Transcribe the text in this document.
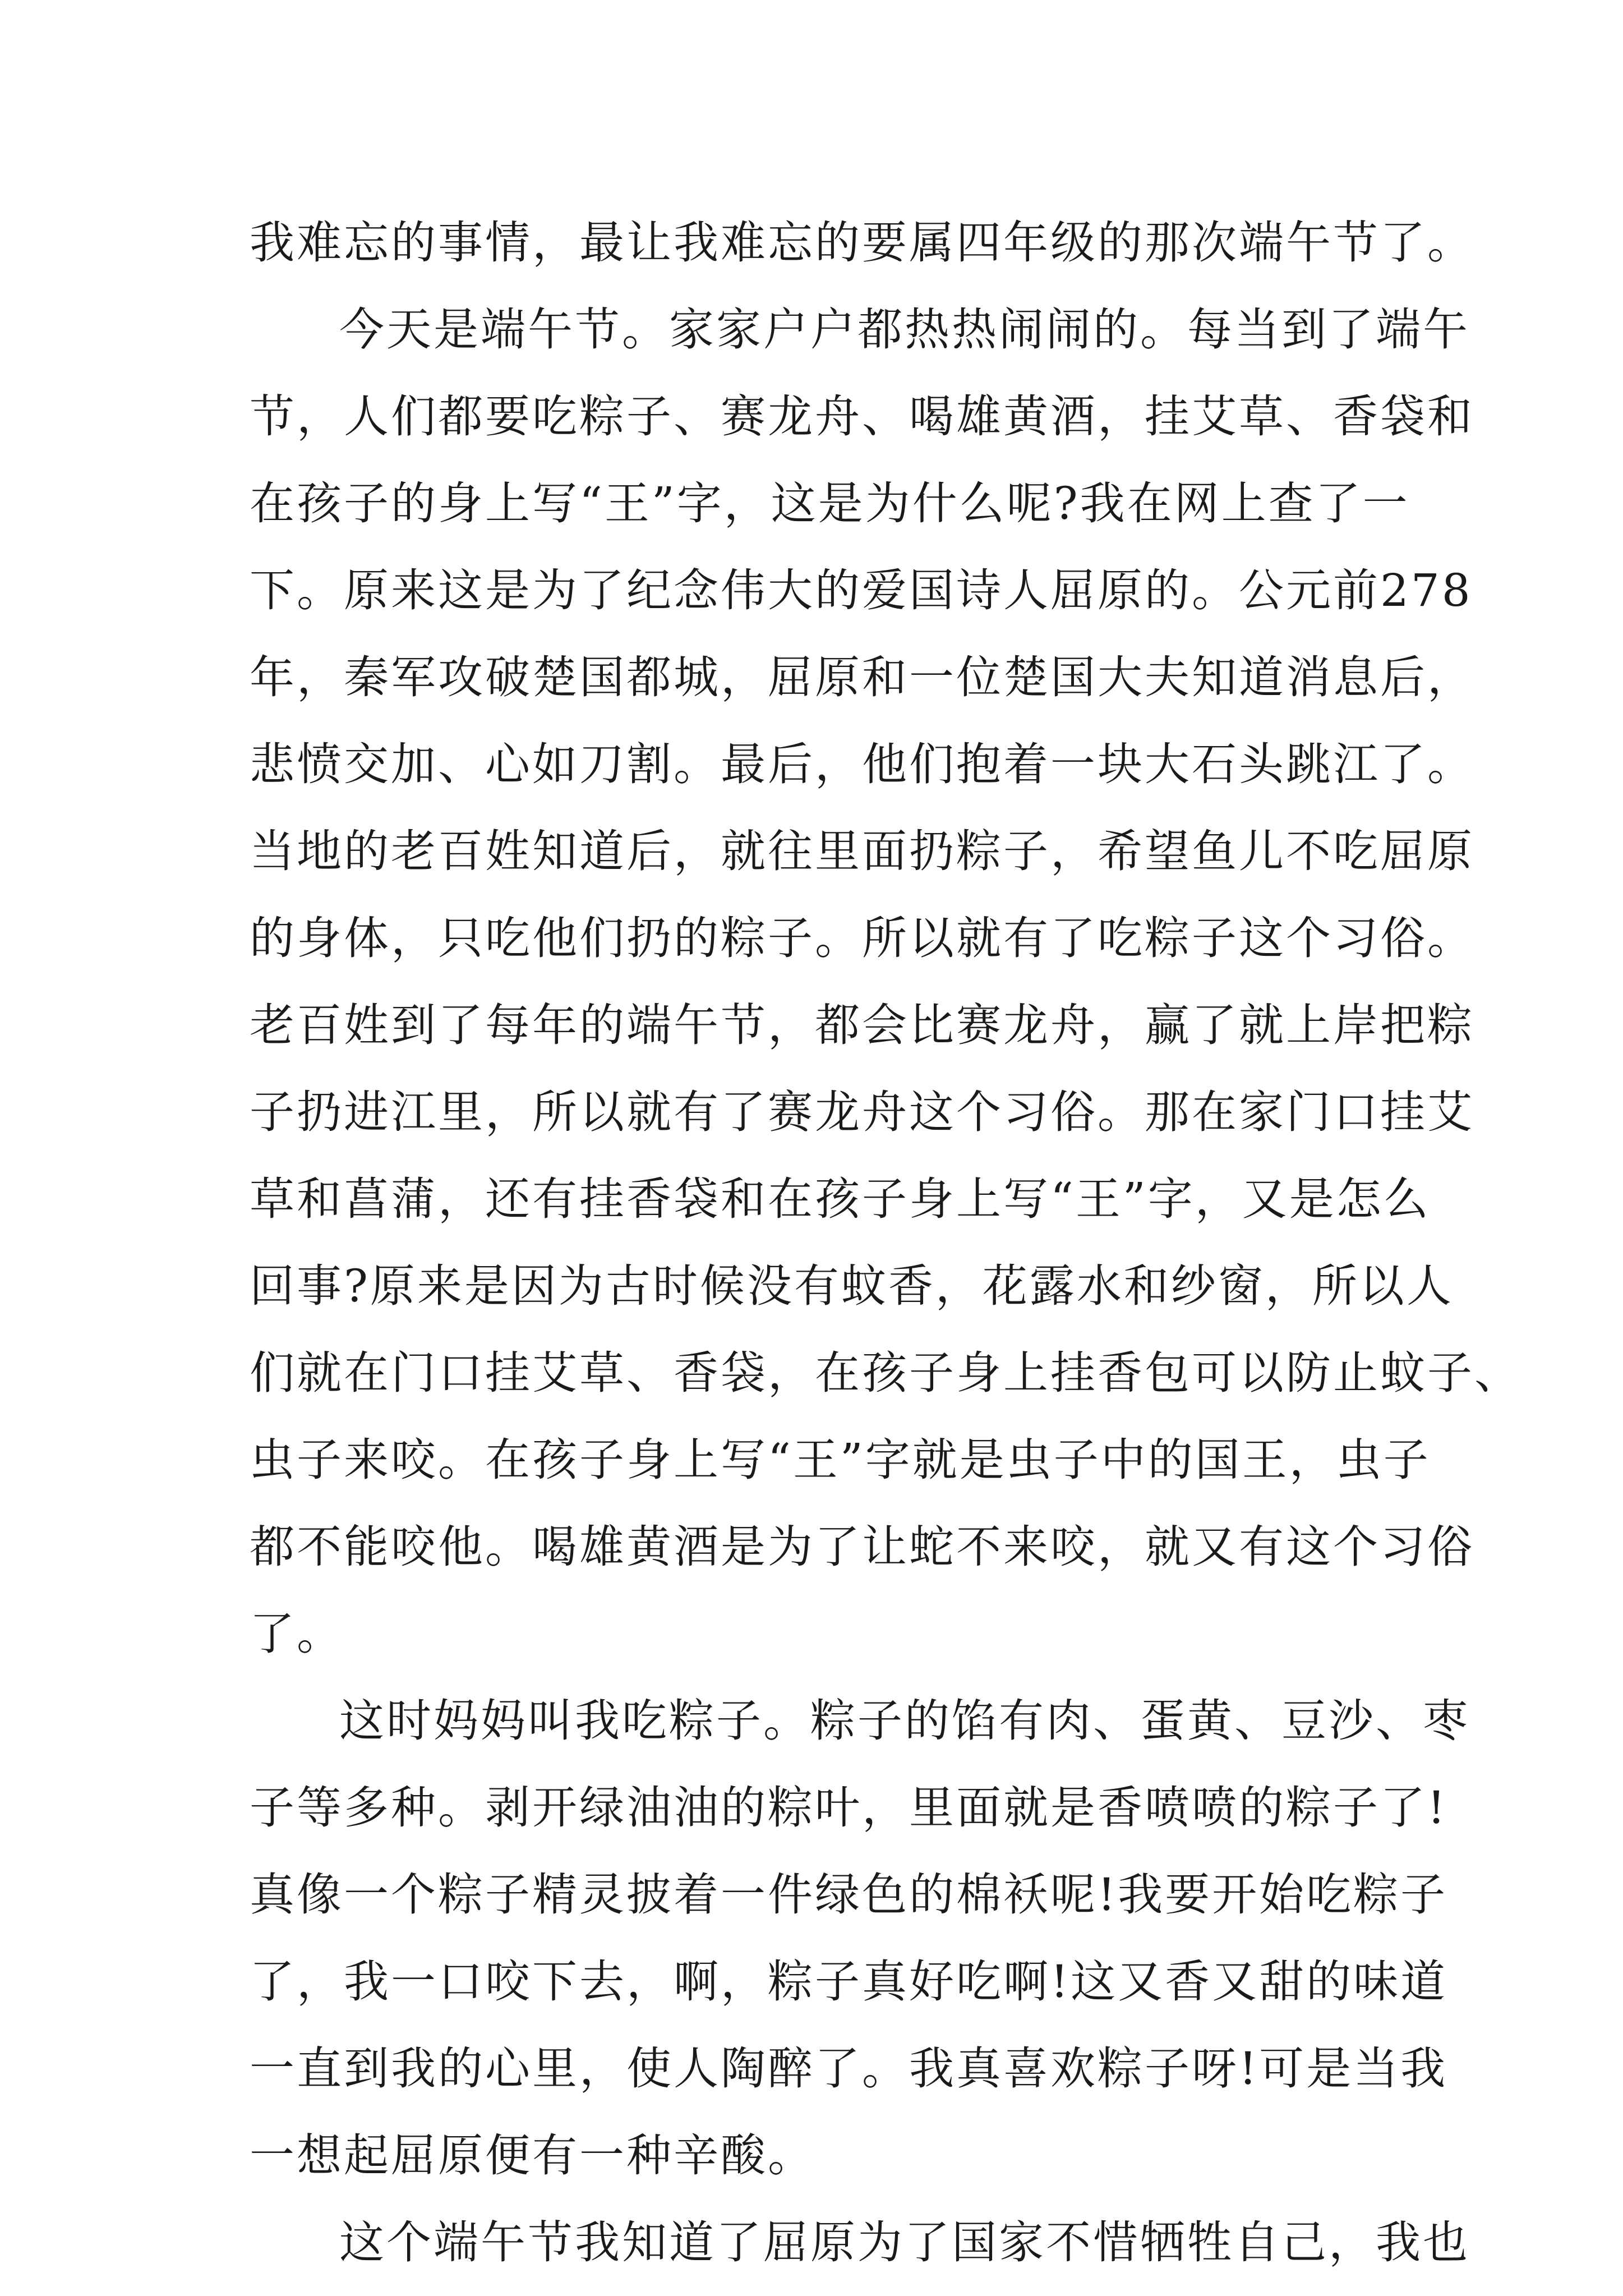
我难忘的事情，最让我难忘的要属四年级的那次端午节了。
今天是端午节。家家户户都热热闹闹的。每当到了端午
节，人们都要吃粽子、赛龙舟、喝雄黄酒，挂艾草、香袋和
在孩子的身上写“王”字，这是为什么呢?我在网上查了一
下。原来这是为了纪念伟大的爱国诗人屈原的。公元前278
年，秦军攻破楚国都城，屈原和一位楚国大夫知道消息后，
悲愤交加、心如刀割。最后，他们抱着一块大石头跳江了。
当地的老百姓知道后，就往里面扔粽子，希望鱼儿不吃屈原
的身体，只吃他们扔的粽子。所以就有了吃粽子这个习俗。
老百姓到了每年的端午节，都会比赛龙舟，赢了就上岸把粽
子扔进江里，所以就有了赛龙舟这个习俗。那在家门口挂艾
草和菖蒲，还有挂香袋和在孩子身上写“王”字，又是怎么
回事?原来是因为古时候没有蚊香，花露水和纱窗，所以人
们就在门口挂艾草、香袋，在孩子身上挂香包可以防止蚊子、
虫子来咬。在孩子身上写“王”字就是虫子中的国王，虫子
都不能咬他。喝雄黄酒是为了让蛇不来咬，就又有这个习俗
了。
这时妈妈叫我吃粽子。粽子的馅有肉、蛋黄、豆沙、枣
子等多种。剥开绿油油的粽叶，里面就是香喷喷的粽子了!
真像一个粽子精灵披着一件绿色的棉袄呢!我要开始吃粽子
了，我一口咬下去，啊，粽子真好吃啊!这又香又甜的味道
一直到我的心里，使人陶醉了。我真喜欢粽子呀!可是当我
一想起屈原便有一种辛酸。
这个端午节我知道了屈原为了国家不惜牺牲自己，我也
